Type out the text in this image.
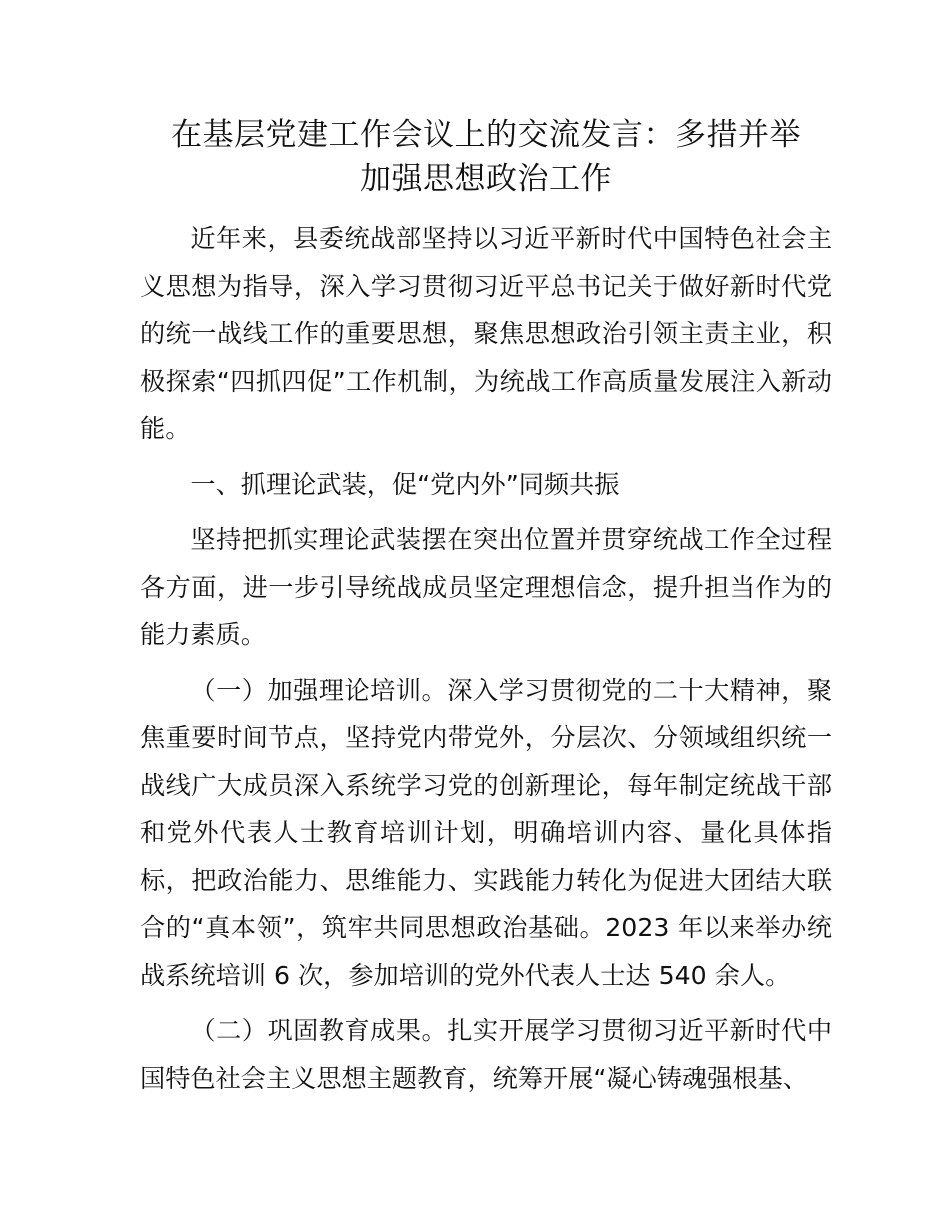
在基层党建工作会议上的交流发言：多措并举
加强思想政治工作

近年来，县委统战部坚持以习近平新时代中国特色社会主义思想为指导，深入学习贯彻习近平总书记关于做好新时代党的统一战线工作的重要思想，聚焦思想政治引领主责主业，积极探索“四抓四促”工作机制，为统战工作高质量发展注入新动能。

一、抓理论武装，促“党内外”同频共振

坚持把抓实理论武装摆在突出位置并贯穿统战工作全过程各方面，进一步引导统战成员坚定理想信念，提升担当作为的能力素质。

（一）加强理论培训。深入学习贯彻党的二十大精神，聚焦重要时间节点，坚持党内带党外，分层次、分领域组织统一战线广大成员深入系统学习党的创新理论，每年制定统战干部和党外代表人士教育培训计划，明确培训内容、量化具体指标，把政治能力、思维能力、实践能力转化为促进大团结大联合的“真本领”，筑牢共同思想政治基础。2023 年以来举办统战系统培训 6 次，参加培训的党外代表人士达 540 余人。

（二）巩固教育成果。扎实开展学习贯彻习近平新时代中国特色社会主义思想主题教育，统筹开展“凝心铸魂强根基、
